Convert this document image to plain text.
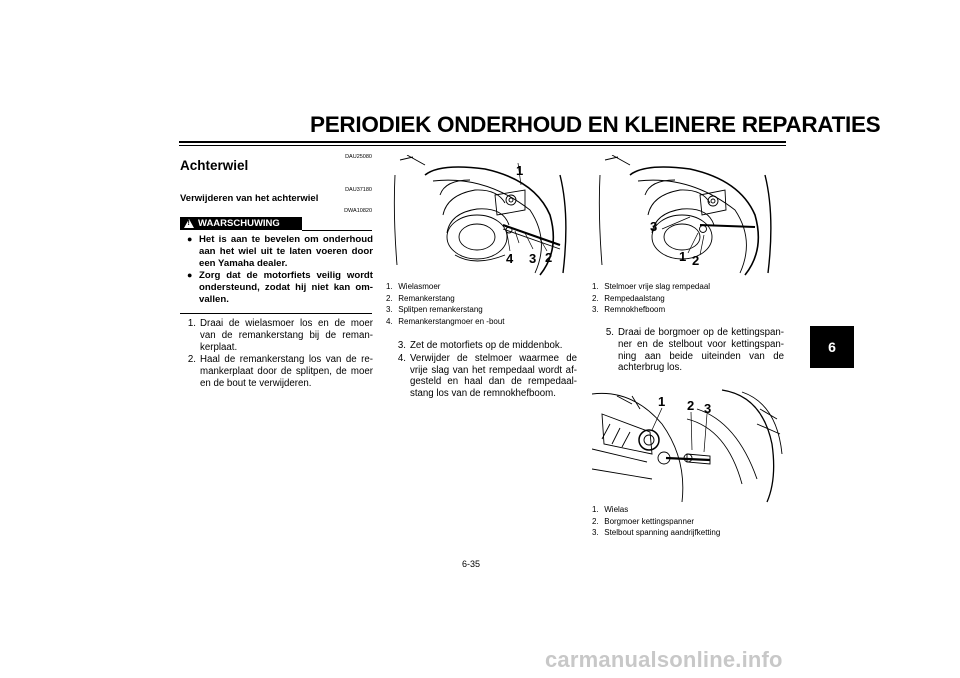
PERIODIEK ONDERHOUD EN KLEINERE REPARATIES
6
DAU25080
Achterwiel
DAU37180
Verwijderen van het achterwiel
DWA10820
!
WAARSCHUWING
● Het is aan te bevelen om onderhoud aan het wiel uit te laten voeren door een Yamaha dealer.
● Zorg dat de motorfiets veilig wordt ondersteund, zodat hij niet kan om-vallen.
1. Draai de wielasmoer los en de moer van de remankerstang bij de reman-kerplaat.
2. Haal de remankerstang los van de re-mankerplaat door de splitpen, de moer en de bout te verwijderen.
1
4 3 2
1.
Wielasmoer
2.
Remankerstang
3.
Splitpen remankerstang
4.
Remankerstangmoer en -bout
3. Zet de motorfiets op de middenbok.
4. Verwijder de stelmoer waarmee de vrije slag van het rempedaal wordt af-gesteld en haal dan de rempedaal-stang los van de remnokhefboom.
3
1 2
1.
Stelmoer vrije slag rempedaal
2.
Rempedaalstang
3.
Remnokhefboom
5. Draai de borgmoer op de kettingspan-ner en de stelbout voor kettingspan-ning aan beide uiteinden van de achterbrug los.
1 2 3
1.
Wielas
2.
Borgmoer kettingspanner
3.
Stelbout spanning aandrijfketting
6-35
carmanualsonline.info
